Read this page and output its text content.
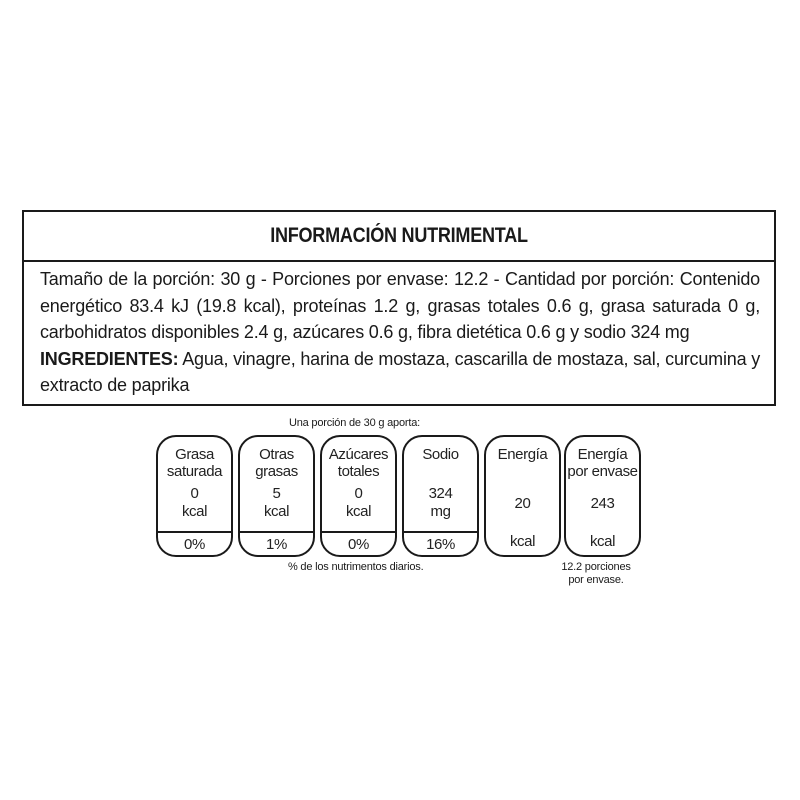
INFORMACIÓN NUTRIMENTAL
Tamaño de la porción: 30 g - Porciones por envase: 12.2 - Cantidad por porción: Contenido energético 83.4 kJ (19.8 kcal), proteínas 1.2 g, grasas totales 0.6 g, grasa saturada 0 g, carbohidratos disponibles 2.4 g, azúcares 0.6 g, fibra dietética 0.6 g y sodio 324 mg
INGREDIENTES: Agua, vinagre, harina de mostaza, cascarilla de mostaza, sal, curcumina y extracto de paprika
Una porción de 30 g aporta:
Grasa
saturada
0
kcal
0%
Otras
grasas
5
kcal
1%
Azúcares
totales
0
kcal
0%
Sodio
324
mg
16%
Energía
20
kcal
Energía
por envase
243
kcal
% de los nutrimentos diarios.	12.2 porciones
por envase.
